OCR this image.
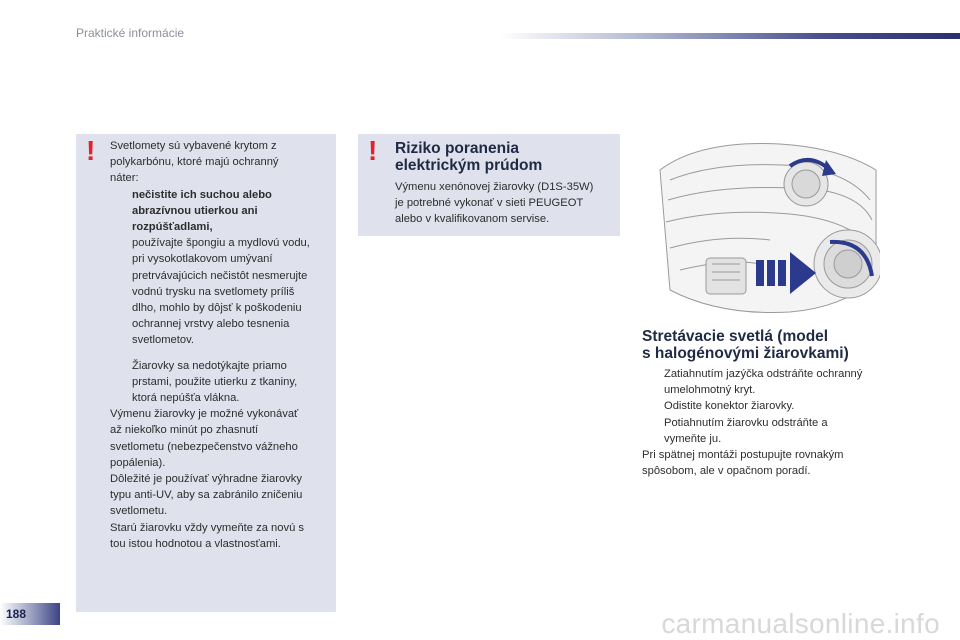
Praktické informácie
! Svetlomety sú vybavené krytom z
polykarbónu, ktoré majú ochranný
náter:
nečistite ich suchou alebo
abrazívnou utierkou ani
rozpúšťadlami,
používajte špongiu a mydlovú vodu,
pri vysokotlakovom umývaní
pretrvávajúcich nečistôt nesmerujte
vodnú trysku na svetlomety príliš
dlho, mohlo by dôjsť k poškodeniu
ochrannej vrstvy alebo tesnenia
svetlometov.
Žiarovky sa nedotýkajte priamo
prstami, použite utierku z tkaniny,
ktorá nepúšťa vlákna.
Výmenu žiarovky je možné vykonávať
až niekoľko minút po zhasnutí
svetlometu (nebezpečenstvo vážneho
popálenia).
Dôležité je používať výhradne žiarovky
typu anti-UV, aby sa zabránilo zničeniu
svetlometu.
Starú žiarovku vždy vymeňte za novú s
tou istou hodnotou a vlastnosťami.
! Riziko poranenia
elektrickým prúdom
Výmenu xenónovej žiarovky (D1S-35W)
je potrebné vykonať v sieti PEUGEOT
alebo v kvalifikovanom servise.
Stretávacie svetlá (model
s halogénovými žiarovkami)
Zatiahnutím jazýčka odstráňte ochranný
umelohmotný kryt.
Odistite konektor žiarovky.
Potiahnutím žiarovku odstráňte a
vymeňte ju.
Pri spätnej montáži postupujte rovnakým
spôsobom, ale v opačnom poradí.
188	carmanualsonline.info
